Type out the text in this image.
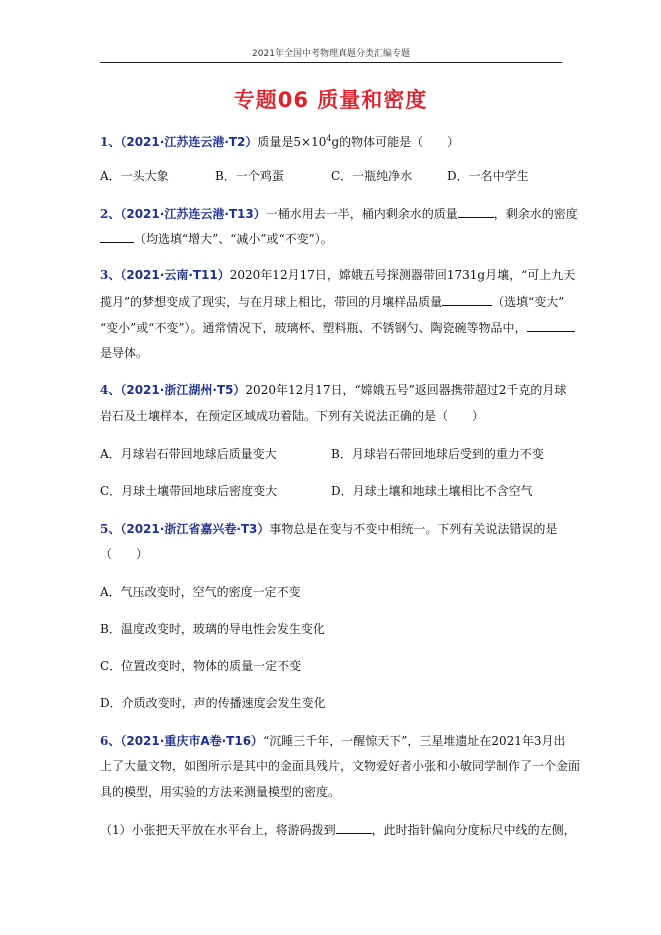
2021年全国中考物理真题分类汇编专题
专题06 质量和密度
1、（2021·江苏连云港·T2）质量是$5\times 10^4g$的物体可能是（　　）
A．一头大象	B．一个鸡蛋	C．一瓶纯净水	D．一名中学生
2、（2021·江苏连云港·T13）一桶水用去一半，桶内剩余水的质量	，剩余水的密度
（均选填“增大”、“减小”或“不变”）。
3、（2021·云南·T11）2020年12月17日，嫦娥五号探测器带回1731g月壤，“可上九天
揽月”的梦想变成了现实，与在月球上相比，带回的月壤样品质量	（选填“变大”
“变小”或“不变”）。通常情况下，玻璃杯、塑料瓶、不锈钢勺、陶瓷碗等物品中，
是导体。
4、（2021·浙江湖州·T5）2020年12月17日，“嫦娥五号”返回器携带超过2千克的月球
岩石及土壤样本，在预定区域成功着陆。下列有关说法正确的是（　　）
A．月球岩石带回地球后质量变大	B．月球岩石带回地球后受到的重力不变
C．月球土壤带回地球后密度变大	D．月球土壤和地球土壤相比不含空气
5、（2021·浙江省嘉兴卷·T3）事物总是在变与不变中相统一。下列有关说法错误的是
（　　）
A．气压改变时，空气的密度一定不变
B．温度改变时，玻璃的导电性会发生变化
C．位置改变时，物体的质量一定不变
D．介质改变时，声的传播速度会发生变化
6、（2021·重庆市A卷·T16）“沉睡三千年，一醒惊天下”，三星堆遗址在2021年3月出
上了大量文物，如图所示是其中的金面具残片，文物爱好者小张和小敏同学制作了一个金面
具的模型，用实验的方法来测量模型的密度。
（1）小张把天平放在水平台上，将游码拨到	，此时指针偏向分度标尺中线的左侧，
